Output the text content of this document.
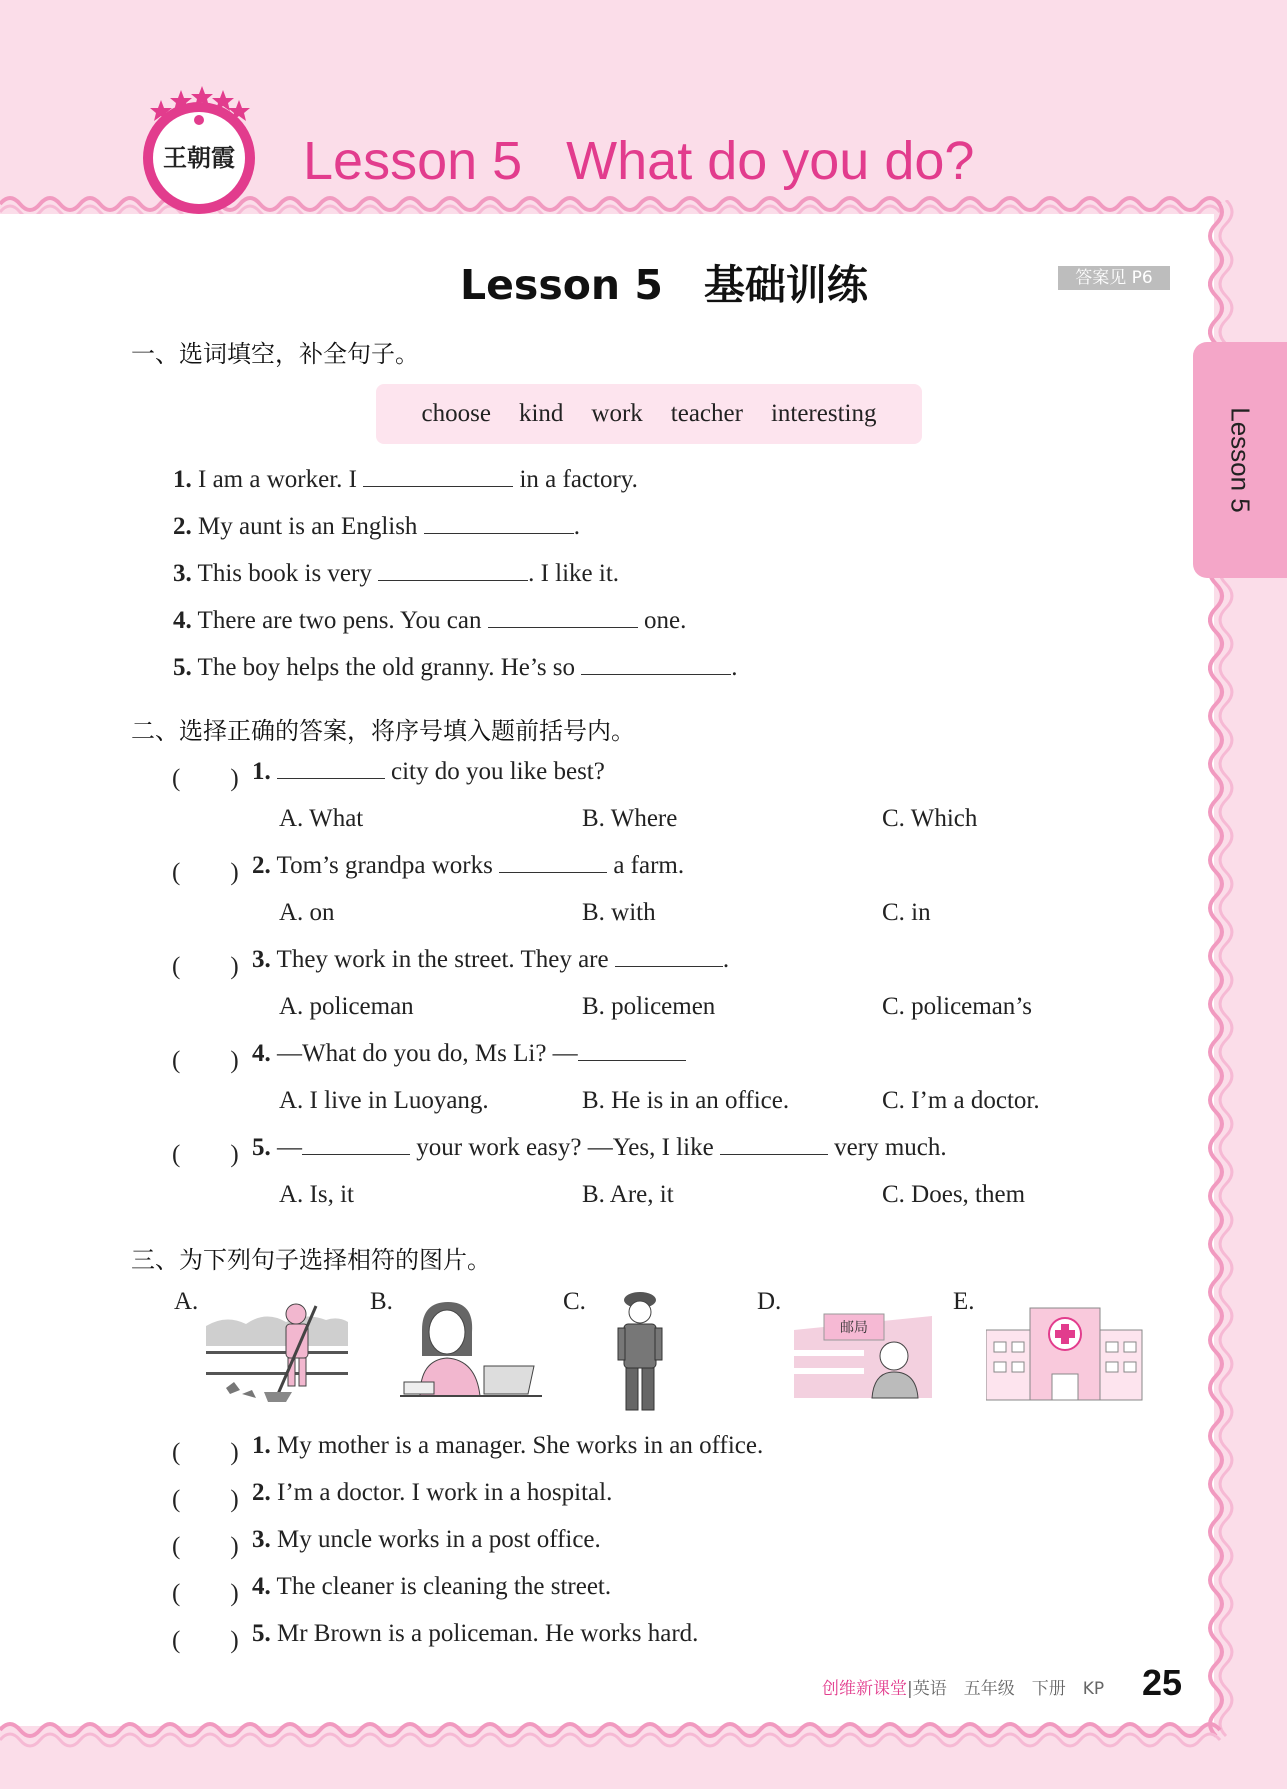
王朝霞 Lesson 5 What do you do?
Lesson 5　基础训练	答案见 P6
Lesson 5
一、选词填空，补全句子。
choose kind work teacher interesting
1. I am a worker. I	in a factory.
2. My aunt is an English	.
3. This book is very	. I like it.
4. There are two pens. You can	one.
5. The boy helps the old granny. He’s so	.
二、选择正确的答案，将序号填入题前括号内。
(　　) 1.	city do you like best?
A. What	B. Where	C. Which
(　　) 2. Tom’s grandpa works	a farm.
A. on	B. with	C. in
(　　) 3. They work in the street. They are	.
A. policeman	B. policemen	C. policeman’s
(　　) 4. —What do you do, Ms Li? —
A. I live in Luoyang.	B. He is in an office.	C. I’m a doctor.
(　　) 5. —	your work easy? —Yes, I like	very much.
A. Is, it	B. Are, it	C. Does, them
三、为下列句子选择相符的图片。
A.	B.	C.	D.
邮局
E.
(　　) 1. My mother is a manager. She works in an office.
(　　) 2. I’m a doctor. I work in a hospital.
(　　) 3. My uncle works in a post office.
(　　) 4. The cleaner is cleaning the street.
(　　) 5. Mr Brown is a policeman. He works hard.
创维新课堂|英语　五年级　下册　KP 25
